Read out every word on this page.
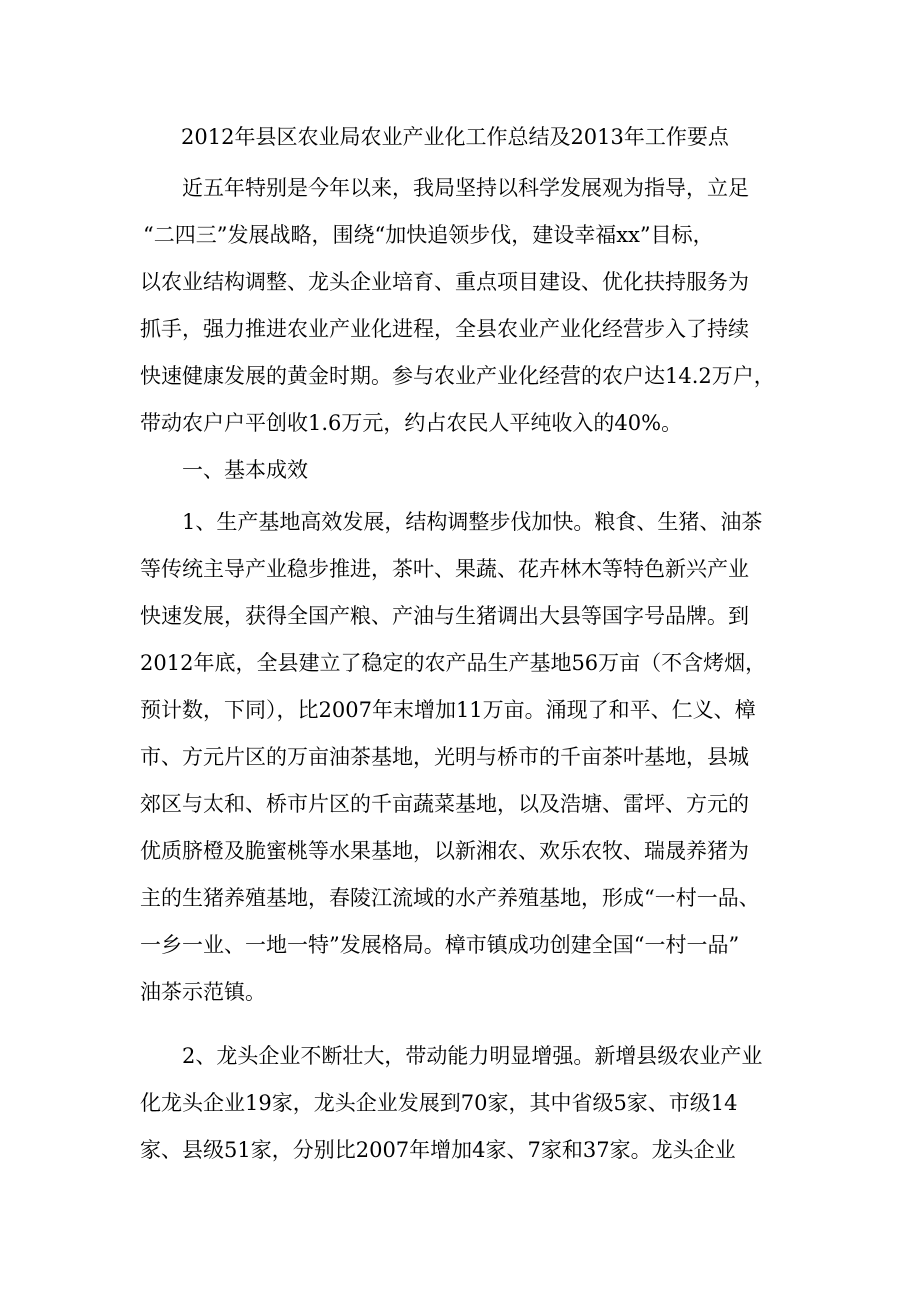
2012年县区农业局农业产业化工作总结及2013年工作要点
近五年特别是今年以来，我局坚持以科学发展观为指导，立足
“二四三”发展战略，围绕“加快追领步伐，建设幸福xx”目标，
以农业结构调整、龙头企业培育、重点项目建设、优化扶持服务为
抓手，强力推进农业产业化进程，全县农业产业化经营步入了持续
快速健康发展的黄金时期。参与农业产业化经营的农户达14.2万户，
带动农户户平创收1.6万元，约占农民人平纯收入的40%。
一、基本成效
1、生产基地高效发展，结构调整步伐加快。粮食、生猪、油茶
等传统主导产业稳步推进，茶叶、果蔬、花卉林木等特色新兴产业
快速发展，获得全国产粮、产油与生猪调出大县等国字号品牌。到
2012年底，全县建立了稳定的农产品生产基地56万亩（不含烤烟，
预计数，下同），比2007年末增加11万亩。涌现了和平、仁义、樟
市、方元片区的万亩油茶基地，光明与桥市的千亩茶叶基地，县城
郊区与太和、桥市片区的千亩蔬菜基地，以及浩塘、雷坪、方元的
优质脐橙及脆蜜桃等水果基地，以新湘农、欢乐农牧、瑞晟养猪为
主的生猪养殖基地，春陵江流域的水产养殖基地，形成“一村一品、
一乡一业、一地一特”发展格局。樟市镇成功创建全国“一村一品”
油茶示范镇。
2、龙头企业不断壮大，带动能力明显增强。新增县级农业产业
化龙头企业19家，龙头企业发展到70家，其中省级5家、市级14
家、县级51家，分别比2007年增加4家、7家和37家。龙头企业
